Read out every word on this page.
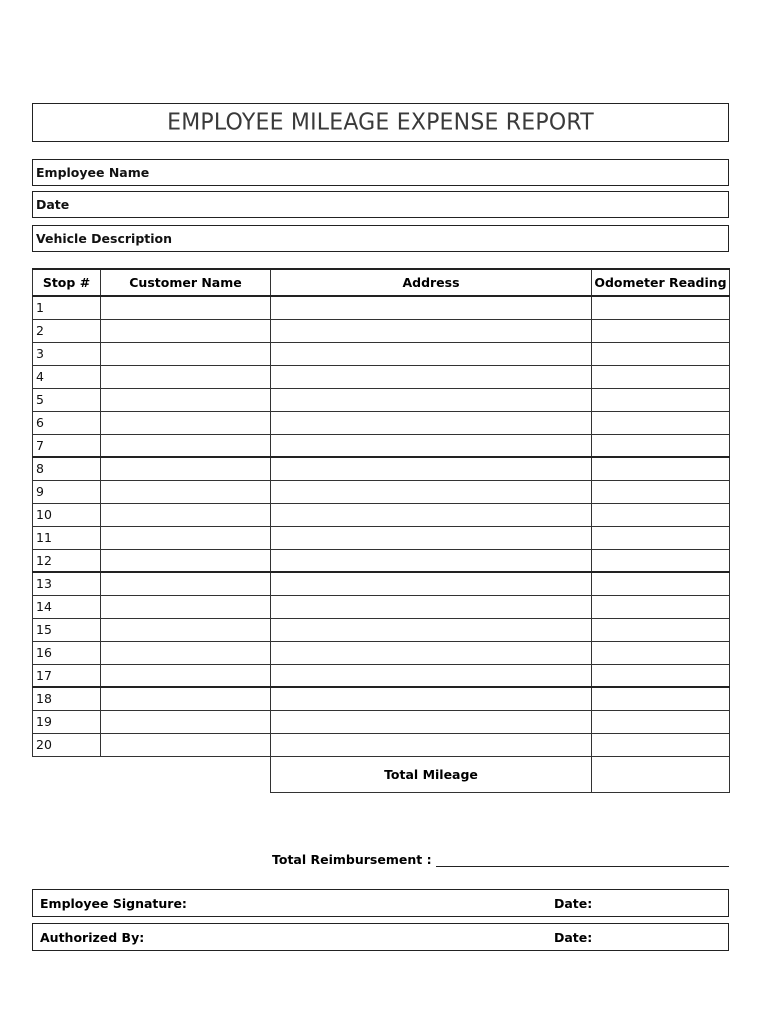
EMPLOYEE MILEAGE EXPENSE REPORT
Employee Name
Date
Vehicle Description
Stop #	Customer Name	Address	Odometer Reading
1			
2			
3			
4			
5			
6			
7			
8			
9			
10			
11			
12			
13			
14			
15			
16			
17			
18			
19			
20			
		Total Mileage	
Total Reimbursement :
Employee Signature:	Date:
Authorized By:	Date:
